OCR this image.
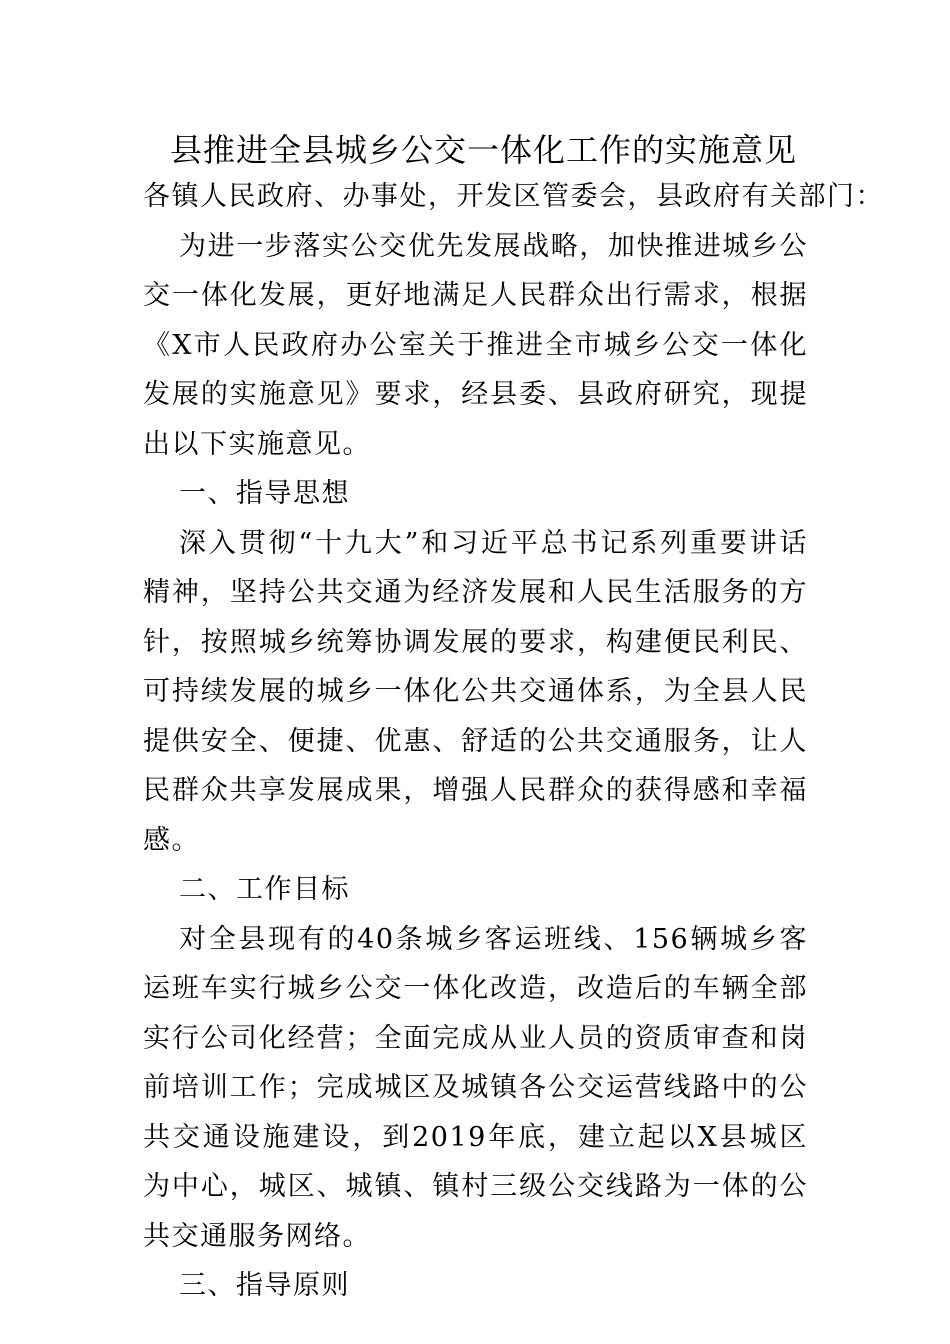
县推进全县城乡公交一体化工作的实施意见

各镇人民政府、办事处，开发区管委会，县政府有关部门：

为进一步落实公交优先发展战略，加快推进城乡公交一体化发展，更好地满足人民群众出行需求，根据《X市人民政府办公室关于推进全市城乡公交一体化发展的实施意见》要求，经县委、县政府研究，现提出以下实施意见。

一、指导思想

深入贯彻“十九大”和习近平总书记系列重要讲话精神，坚持公共交通为经济发展和人民生活服务的方针，按照城乡统筹协调发展的要求，构建便民利民、可持续发展的城乡一体化公共交通体系，为全县人民提供安全、便捷、优惠、舒适的公共交通服务，让人民群众共享发展成果，增强人民群众的获得感和幸福感。

二、工作目标

对全县现有的40条城乡客运班线、156辆城乡客运班车实行城乡公交一体化改造，改造后的车辆全部实行公司化经营；全面完成从业人员的资质审查和岗前培训工作；完成城区及城镇各公交运营线路中的公共交通设施建设，到2019年底，建立起以X县城区为中心，城区、城镇、镇村三级公交线路为一体的公共交通服务网络。

三、指导原则
